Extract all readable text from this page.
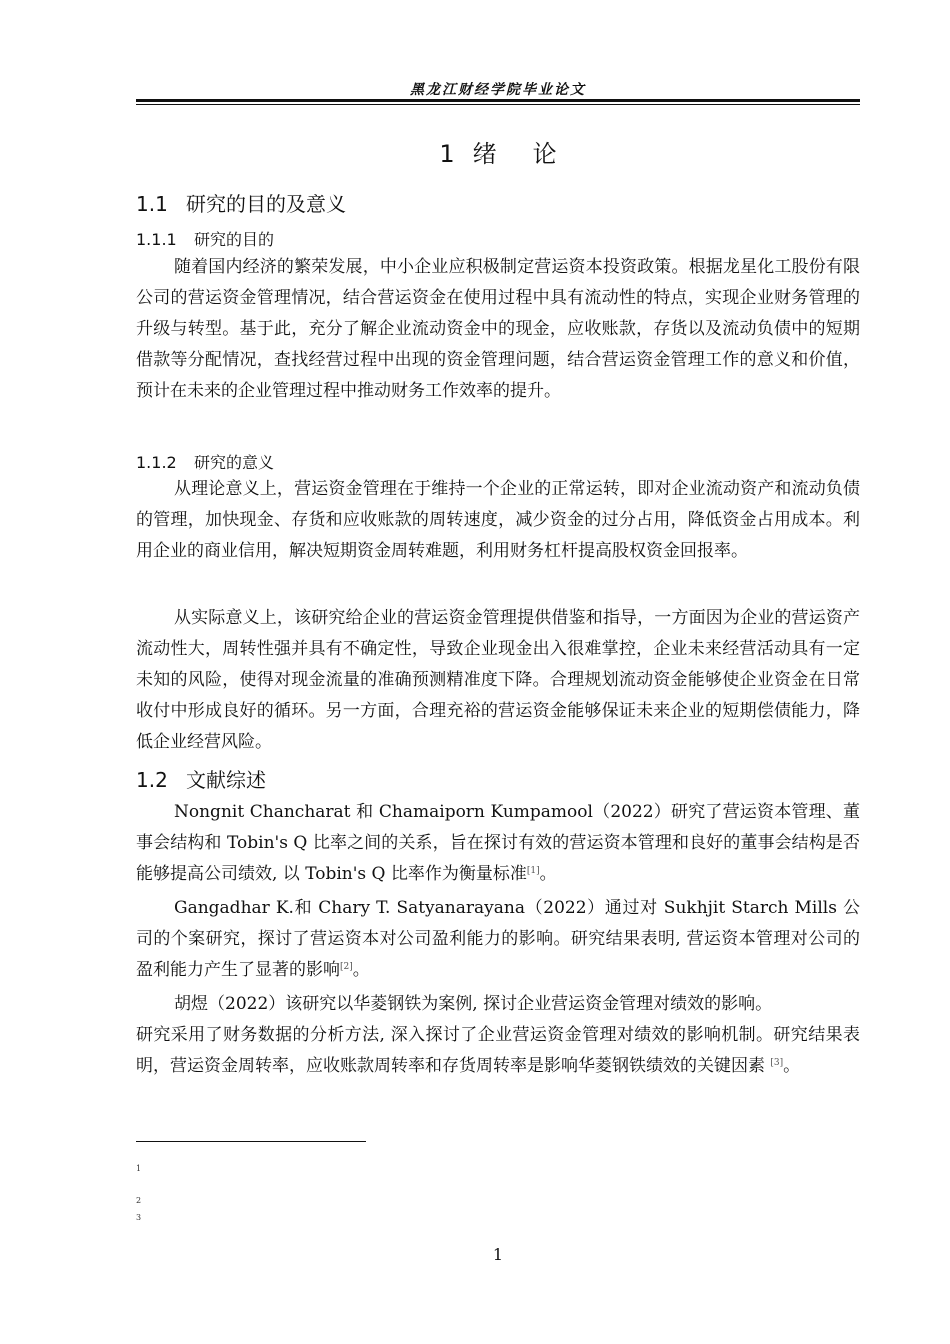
黑龙江财经学院毕业论文
1 绪 论
1.1 研究的目的及意义
1.1.1 研究的目的

随着国内经济的繁荣发展，中小企业应积极制定营运资本投资政策。根据龙星化工股份有限公司的营运资金管理情况，结合营运资金在使用过程中具有流动性的特点，实现企业财务管理的升级与转型。基于此，充分了解企业流动资金中的现金，应收账款，存货以及流动负债中的短期借款等分配情况，查找经营过程中出现的资金管理问题，结合营运资金管理工作的意义和价值，预计在未来的企业管理过程中推动财务工作效率的提升。

1.1.2 研究的意义

从理论意义上，营运资金管理在于维持一个企业的正常运转，即对企业流动资产和流动负债的管理，加快现金、存货和应收账款的周转速度，减少资金的过分占用，降低资金占用成本。利用企业的商业信用，解决短期资金周转难题，利用财务杠杆提高股权资金回报率。

从实际意义上，该研究给企业的营运资金管理提供借鉴和指导，一方面因为企业的营运资产流动性大，周转性强并具有不确定性，导致企业现金出入很难掌控，企业未来经营活动具有一定未知的风险，使得对现金流量的准确预测精准度下降。合理规划流动资金能够使企业资金在日常收付中形成良好的循环。另一方面，合理充裕的营运资金能够保证未来企业的短期偿债能力，降低企业经营风险。

1.2 文献综述

Nongnit Chancharat 和 Chamaiporn Kumpamool（2022）研究了营运资本管理、董事会结构和 Tobin's Q 比率之间的关系，旨在探讨有效的营运资本管理和良好的董事会结构是否能够提高公司绩效, 以 Tobin's Q 比率作为衡量标准[1]。

Gangadhar K.和 Chary T. Satyanarayana（2022）通过对 Sukhjit Starch Mills 公司的个案研究，探讨了营运资本对公司盈利能力的影响。研究结果表明, 营运资本管理对公司的盈利能力产生了显著的影响[2]。

胡煜（2022）该研究以华菱钢铁为案例, 探讨企业营运资金管理对绩效的影响。

研究采用了财务数据的分析方法, 深入探讨了企业营运资金管理对绩效的影响机制。研究结果表明，营运资金周转率，应收账款周转率和存货周转率是影响华菱钢铁绩效的关键因素 [3]。

1
2
3
1
